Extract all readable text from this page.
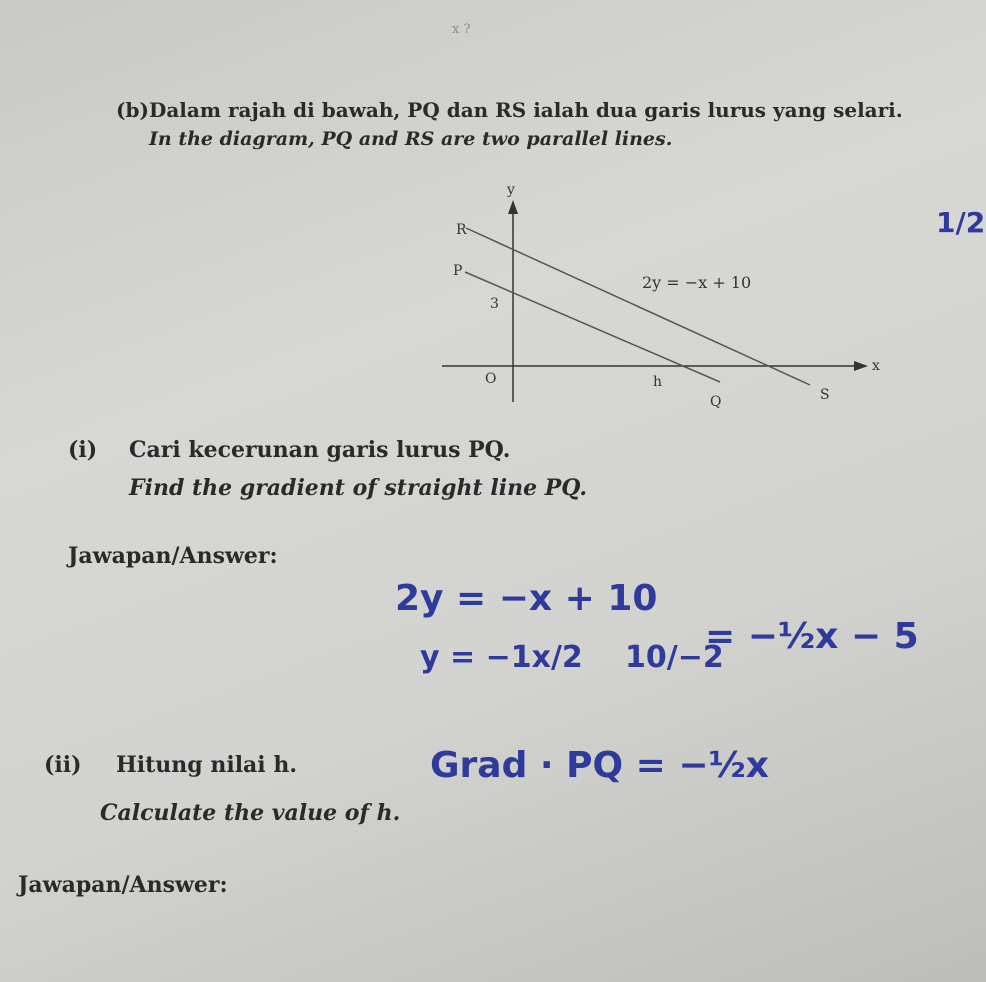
x ?
(b) Dalam rajah di bawah, PQ dan RS ialah dua garis lurus yang selari.
In the diagram, PQ and RS are two parallel lines.
y
x
R
P
3
O	h
Q	S
2y = −x + 10
1/2
(i) Cari kecerunan garis lurus PQ.
Find the gradient of straight line PQ.
Jawapan/Answer:
2y = −x + 10
y = −1x/2 10/−2
= −½x − 5
(ii) Hitung nilai h.
Calculate the value of h.
Grad · PQ = −½x
Jawapan/Answer:
